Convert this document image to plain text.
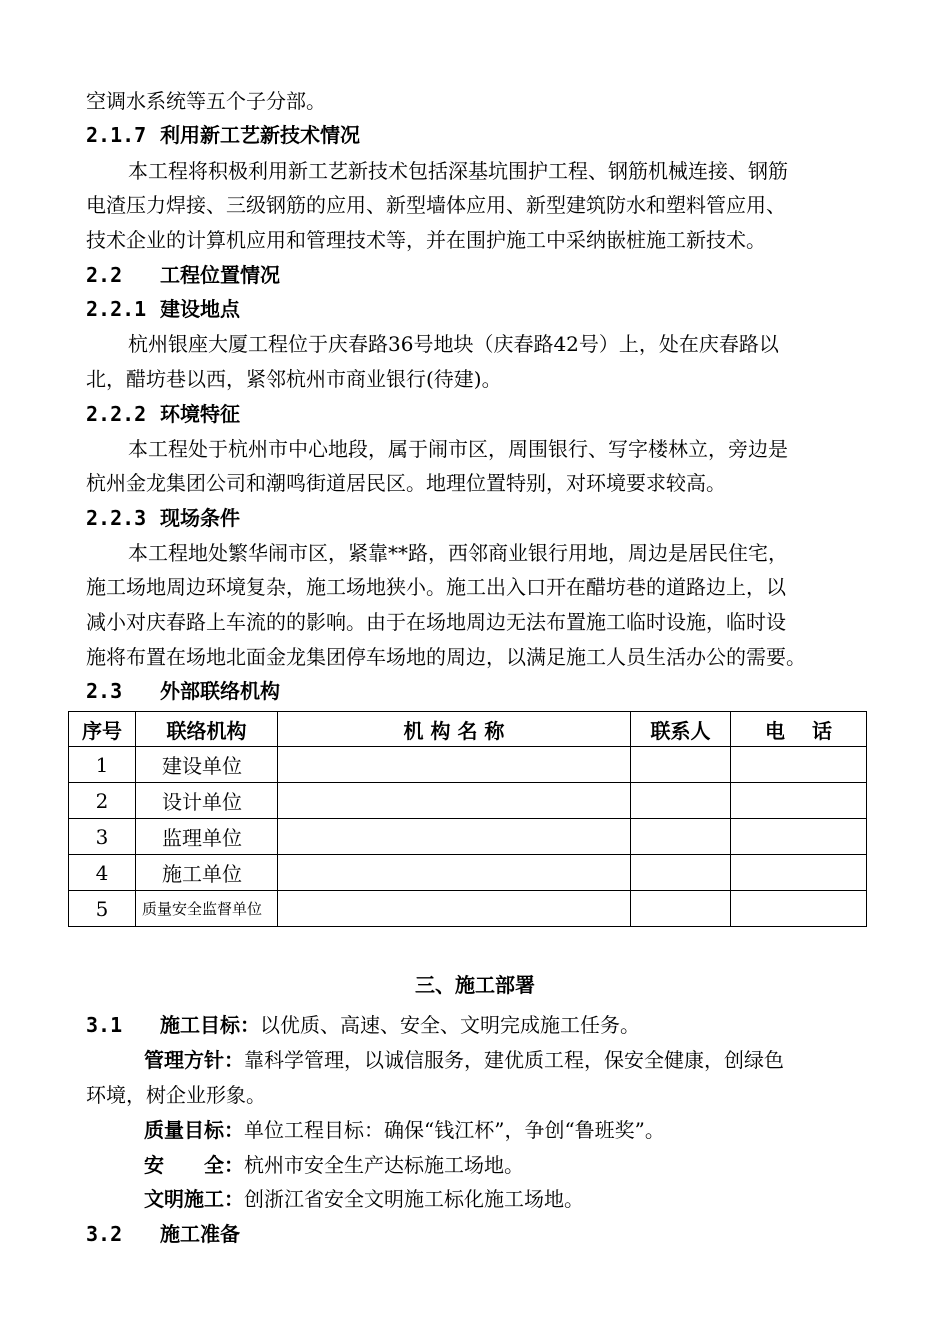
空调水系统等五个子分部。
2.1.7 利用新工艺新技术情况
本工程将积极利用新工艺新技术包括深基坑围护工程、钢筋机械连接、钢筋
电渣压力焊接、三级钢筋的应用、新型墙体应用、新型建筑防水和塑料管应用、
技术企业的计算机应用和管理技术等，并在围护施工中采纳嵌桩施工新技术。
2.2 工程位置情况
2.2.1 建设地点
杭州银座大厦工程位于庆春路36号地块（庆春路42号）上，处在庆春路以
北，醋坊巷以西，紧邻杭州市商业银行(待建)。
2.2.2 环境特征
本工程处于杭州市中心地段，属于闹市区，周围银行、写字楼林立，旁边是
杭州金龙集团公司和潮鸣街道居民区。地理位置特别，对环境要求较高。
2.2.3 现场条件
本工程地处繁华闹市区，紧靠**路，西邻商业银行用地，周边是居民住宅，
施工场地周边环境复杂，施工场地狭小。施工出入口开在醋坊巷的道路边上，以
减小对庆春路上车流的的影响。由于在场地周边无法布置施工临时设施，临时设
施将布置在场地北面金龙集团停车场地的周边，以满足施工人员生活办公的需要。
2.3 外部联络机构
序号	联络机构	机 构 名 称	联系人	电　 话
1	建设单位			
2	设计单位			
3	监理单位			
4	施工单位			
5	质量安全监督单位			
三、施工部署
3.1 施工目标：以优质、高速、安全、文明完成施工任务。
管理方针：靠科学管理，以诚信服务，建优质工程，保安全健康，创绿色
环境，树企业形象。
质量目标：单位工程目标：确保“钱江杯”，争创“鲁班奖”。
安　　全：杭州市安全生产达标施工场地。
文明施工：创浙江省安全文明施工标化施工场地。
3.2 施工准备
